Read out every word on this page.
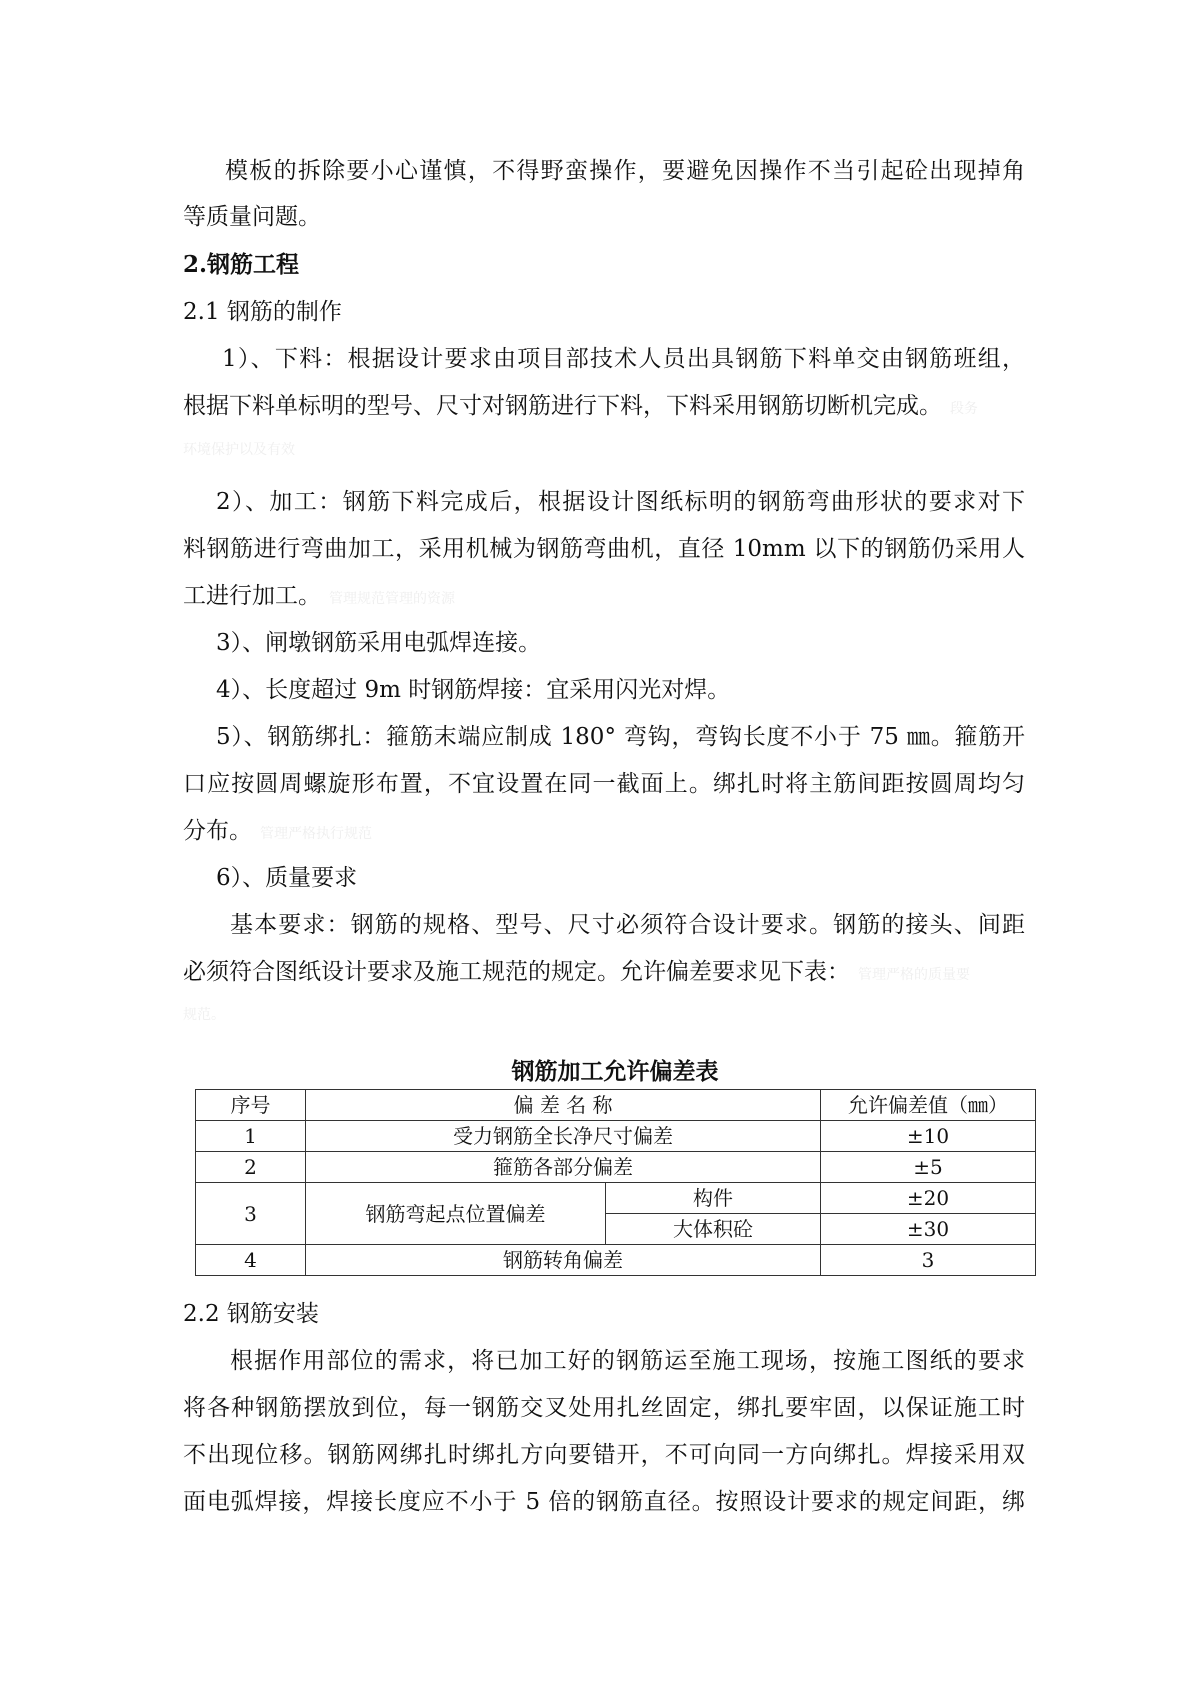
模板的拆除要小心谨慎，不得野蛮操作，要避免因操作不当引起砼出现掉角
等质量问题。
2.钢筋工程
2.1 钢筋的制作
1）、下料：根据设计要求由项目部技术人员出具钢筋下料单交由钢筋班组，
根据下料单标明的型号、尺寸对钢筋进行下料，下料采用钢筋切断机完成。 段务
环境保护以及有效
2）、加工：钢筋下料完成后，根据设计图纸标明的钢筋弯曲形状的要求对下
料钢筋进行弯曲加工，采用机械为钢筋弯曲机，直径 10mm 以下的钢筋仍采用人
工进行加工。 管理规范管理的资源
3）、闸墩钢筋采用电弧焊连接。
4）、长度超过 9m 时钢筋焊接：宜采用闪光对焊。
5）、钢筋绑扎：箍筋末端应制成 180° 弯钩，弯钩长度不小于 75 ㎜。箍筋开
口应按圆周螺旋形布置，不宜设置在同一截面上。绑扎时将主筋间距按圆周均匀
分布。 管理严格执行规范
6）、质量要求
基本要求：钢筋的规格、型号、尺寸必须符合设计要求。钢筋的接头、间距
必须符合图纸设计要求及施工规范的规定。允许偏差要求见下表： 管理严格的质量要
规范。
钢筋加工允许偏差表
序号	偏 差 名 称		允许偏差值（㎜）
1	受力钢筋全长净尺寸偏差		±10
2	箍筋各部分偏差		±5
3	钢筋弯起点位置偏差	构件	±20
		大体积砼	±30
4	钢筋转角偏差		3
2.2 钢筋安装
根据作用部位的需求，将已加工好的钢筋运至施工现场，按施工图纸的要求
将各种钢筋摆放到位，每一钢筋交叉处用扎丝固定，绑扎要牢固，以保证施工时
不出现位移。钢筋网绑扎时绑扎方向要错开，不可向同一方向绑扎。焊接采用双
面电弧焊接，焊接长度应不小于 5 倍的钢筋直径。按照设计要求的规定间距，绑
